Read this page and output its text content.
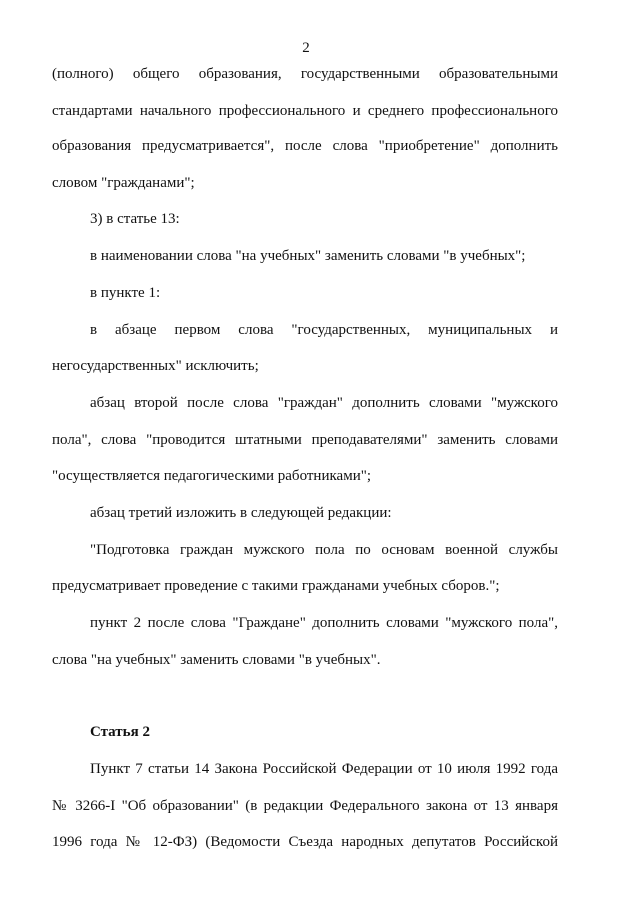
2
(полного) общего образования, государственными образовательными
стандартами начального профессионального и среднего профессионального
образования предусматривается", после слова "приобретение" дополнить
словом "гражданами";
3) в статье 13:
в наименовании слова "на учебных" заменить словами "в учебных";
в пункте 1:
в абзаце первом слова "государственных, муниципальных и
негосударственных" исключить;
абзац второй после слова "граждан" дополнить словами "мужского
пола", слова "проводится штатными преподавателями" заменить словами
"осуществляется педагогическими работниками";
абзац третий изложить в следующей редакции:
"Подготовка граждан мужского пола по основам военной службы
предусматривает проведение с такими гражданами учебных сборов.";
пункт 2 после слова "Граждане" дополнить словами "мужского пола",
слова "на учебных" заменить словами "в учебных".
Статья 2
Пункт 7 статьи 14 Закона Российской Федерации от 10 июля 1992 года
№ 3266-I "Об образовании" (в редакции Федерального закона от 13 января
1996 года № 12-ФЗ) (Ведомости Съезда народных депутатов Российской
